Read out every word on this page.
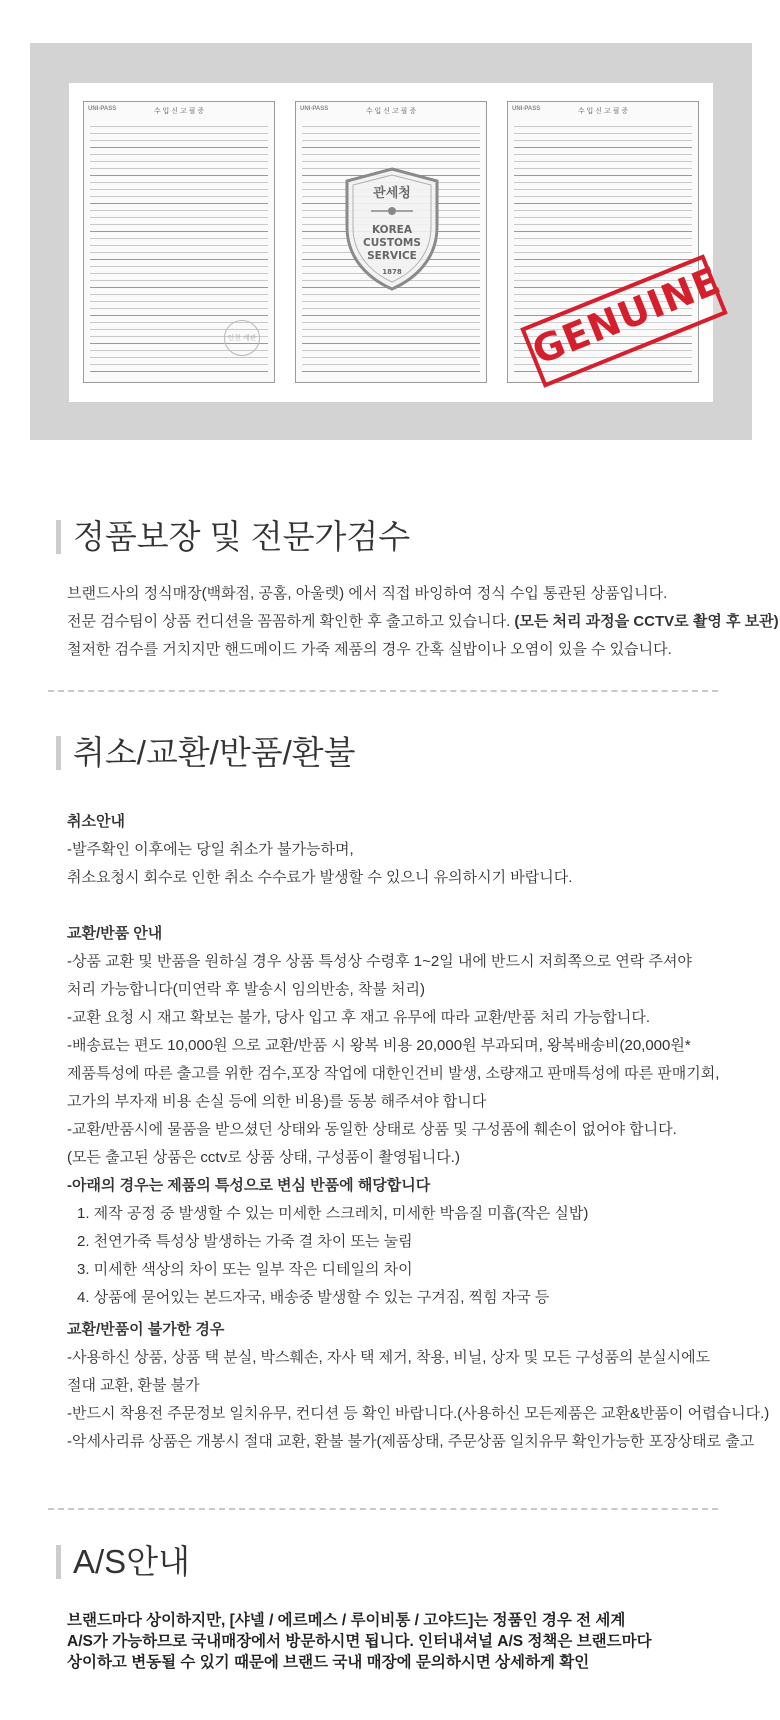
UNI-PASS	수 입 신 고 필 증
인천 세관
UNI-PASS	수 입 신 고 필 증	UNI-PASS	수 입 신 고 필 증
관세청
KOREA
CUSTOMS
SERVICE
1878	GENUINE
정품보장 및 전문가검수

브랜드사의 정식매장(백화점, 공홈, 아울렛) 에서 직접 바잉하여 정식 수입 통관된 상품입니다.

전문 검수팀이 상품 컨디션을 꼼꼼하게 확인한 후 출고하고 있습니다. (모든 처리 과정을 CCTV로 촬영 후 보관)

철저한 검수를 거치지만 핸드메이드 가죽 제품의 경우 간혹 실밥이나 오염이 있을 수 있습니다.

취소/교환/반품/환불

취소안내

-발주확인 이후에는 당일 취소가 불가능하며,

취소요청시 회수로 인한 취소 수수료가 발생할 수 있으니 유의하시기 바랍니다.

교환/반품 안내

-상품 교환 및 반품을 원하실 경우 상품 특성상 수령후 1~2일 내에 반드시 저희쪽으로 연락 주셔야

처리 가능합니다(미연락 후 발송시 임의반송, 착불 처리)

-교환 요청 시 재고 확보는 불가, 당사 입고 후 재고 유무에 따라 교환/반품 처리 가능합니다.

-배송료는 편도 10,000원 으로 교환/반품 시 왕복 비용 20,000원 부과되며, 왕복배송비(20,000원*

제품특성에 따른 출고를 위한 검수,포장 작업에 대한인건비 발생, 소량재고 판매특성에 따른 판매기회,

고가의 부자재 비용 손실 등에 의한 비용)를 동봉 해주셔야 합니다

-교환/반품시에 물품을 받으셨던 상태와 동일한 상태로 상품 및 구성품에 훼손이 없어야 합니다.

(모든 출고된 상품은 cctv로 상품 상태, 구성품이 촬영됩니다.)

-아래의 경우는 제품의 특성으로 변심 반품에 해당합니다

1. 제작 공정 중 발생할 수 있는 미세한 스크레치, 미세한 박음질 미흡(작은 실밥)

2. 천연가죽 특성상 발생하는 가죽 결 차이 또는 눌림

3. 미세한 색상의 차이 또는 일부 작은 디테일의 차이

4. 상품에 묻어있는 본드자국, 배송중 발생할 수 있는 구겨짐, 찍힘 자국 등

교환/반품이 불가한 경우

-사용하신 상품, 상품 택 분실, 박스훼손, 자사 택 제거, 착용, 비닐, 상자 및 모든 구성품의 분실시에도

절대 교환, 환불 불가

-반드시 착용전 주문정보 일치유무, 컨디션 등 확인 바랍니다.(사용하신 모든제품은 교환&반품이 어렵습니다.)

-악세사리류 상품은 개봉시 절대 교환, 환불 불가(제품상태, 주문상품 일치유무 확인가능한 포장상태로 출고

A/S안내

브랜드마다 상이하지만, [샤넬 / 에르메스 / 루이비통 / 고야드]는 정품인 경우 전 세계

A/S가 가능하므로 국내매장에서 방문하시면 됩니다. 인터내셔널 A/S 정책은 브랜드마다

상이하고 변동될 수 있기 때문에 브랜드 국내 매장에 문의하시면 상세하게 확인
